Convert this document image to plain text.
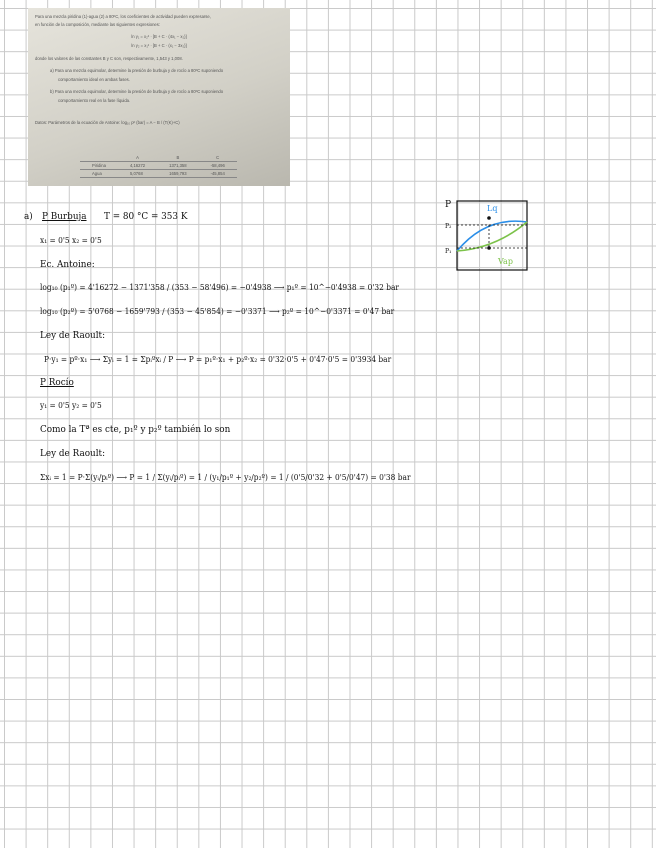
Para una mezcla piridina (1)-agua (2) a 80ºC, los coeficientes de actividad pueden expresarse,
en función de la composición, mediante las siguientes expresiones:
ln γ₁ = x₂² · [B + C · (4x₁ − x₂)]
ln γ₂ = x₁² · [B + C · (x₁ − 3x₂)]
donde los valores de las constantes B y C son, respectivamente, 1,543 y 1,008.
a) Para una mezcla equimolar, determine la presión de burbuja y de rocío a 80ºC suponiendo
comportamiento ideal en ambas fases.
b) Para una mezcla equimolar, determine la presión de burbuja y de rocío a 80ºC suponiendo
comportamiento real en la fase líquida.
Datos: Parámetros de la ecuación de Antoine: log₁₀ pº (bar) = A − B / (T(K)+C)
	A	B	C
Piridina	4,16272	1371,358	-58,496
Agua	5,0768	1659,793	-45,854
a) P Burbuja T = 80 °C = 353 K
x₁ = 0'5 x₂ = 0'5
Ec. Antoine:
log₁₀ (p₁º) = 4'16272 − 1371'358 / (353 − 58'496) = −0'4938 ⟶ p₁º = 10^−0'4938 = 0'32 bar
log₁₀ (p₂º) = 5'0768 − 1659'793 / (353 − 45'854) = −0'3371 ⟶ p₂º = 10^−0'3371 = 0'47 bar
Ley de Raoult:
P·y₁ = pº·x₁ ⟶ Σyᵢ = 1 = Σpᵢºxᵢ / P ⟶ P = p₁º·x₁ + p₂º·x₂ = 0'32·0'5 + 0'47·0'5 = 0'3934 bar
P Rocío
y₁ = 0'5 y₂ = 0'5
Como la Tª es cte, p₁º y p₂º también lo son
Ley de Raoult:
Σxᵢ = 1 = P·Σ(yᵢ/pᵢº) ⟶ P = 1 / Σ(yᵢ/pᵢº) = 1 / (y₁/p₁º + y₂/p₂º) = 1 / (0'5/0'32 + 0'5/0'47) = 0'38 bar
P
P₂
P₁
Lq
Vap
